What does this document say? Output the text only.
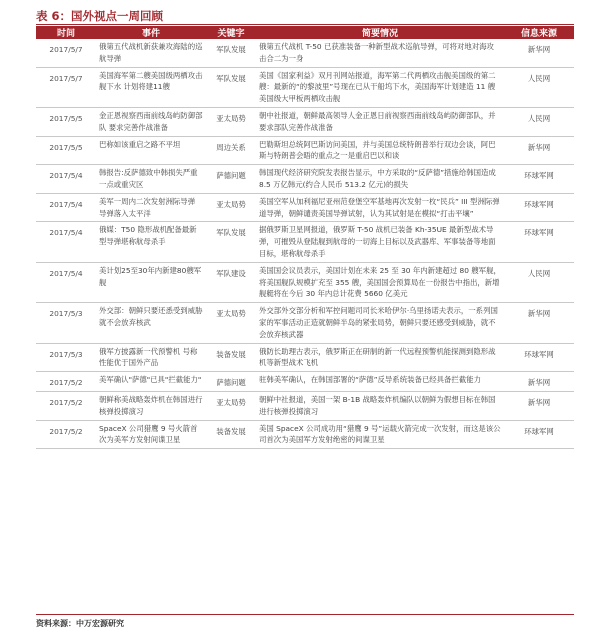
表 6：国外视点一周回顾
时间	事件	关键字	简要情况	信息来源
2017/5/7	俄第五代战机新获兼攻海陆的巡航导弹	军队发展	俄第五代战机 T-50 已获准装备一种新型战术巡航导弹，可将对地对海攻击合二为一身	新华网
2017/5/7	美国海军第二艘美国级两栖攻击舰下水 计划将建11艘	军队发展	美国《国家利益》双月刊网站报道，海军第二代两栖攻击舰美国级的第二艘：最新的“的黎波里”号现在已从干船坞下水，美国海军计划建造 11 艘美国级大甲板两栖攻击舰	人民网
2017/5/5	金正恩视察西南前线岛屿防御部队 要求完善作战准备	亚太局势	朝中社报道，朝鲜最高领导人金正恩日前视察西南前线岛屿防御部队，并要求部队完善作战准备	人民网
2017/5/5	巴称如该重启之路不平坦	周边关系	巴勒斯坦总统阿巴斯访问美国，并与美国总统特朗普举行双边会谈，阿巴斯与特朗普会晤的重点之一是重启巴以和谈	新华网
2017/5/4	韩报告:反萨德致中韩损失严重 一点或重灾区	萨德问题	韩国现代经济研究院发表报告显示，中方采取的“反萨德”措施给韩国造成 8.5 万亿韩元(约合人民币 513.2 亿元)的损失	环球军网
2017/5/4	美军一周内二次发射洲际导弹 导弹落入太平洋	亚太局势	美国空军从加利福尼亚州范登堡空军基地再次发射一枚“民兵” III 型洲际弹道导弹，朝鲜谴责美国导弹试射，认为其试射是在模拟“打击平壤”	环球军网
2017/5/4	俄媒：T50 隐形战机配备最新型导弹堪称航母杀手	军队发展	据俄罗斯卫星网报道，俄罗斯 T-50 战机已装备 Kh-35UE 最新型战术导弹，可摧毁从登陆舰到航母的一切海上目标以及武器库、军事装备等地面目标，堪称航母杀手	环球军网
2017/5/4	美计划25至30年内新建80艘军舰	军队建设	美国国会议员表示，美国计划在未来 25 至 30 年内新建超过 80 艘军舰，将美国舰队规模扩充至 355 艘，美国国会预算局在一份报告中指出，新增舰艇将在今后 30 年内总计花费 5660 亿美元	人民网
2017/5/3	外交部：朝鲜只要还悉受到威胁 就不会放弃核武	亚太局势	外交部外交部分析和军控问题司司长米哈伊尔·乌里扬诺夫表示，一系列国家的军事活动正造就朝鲜半岛的紧张局势，朝鲜只要还感受到威胁，就不会放弃核武器	新华网
2017/5/3	俄军方披露新一代预警机 号称性能优于国外产品	装备发展	俄防长助理古表示，俄罗斯正在研制的新一代远程预警机能探测到隐形战机等新型战术飞机	环球军网
2017/5/2	美军确认"萨德"已具"拦截能力"	萨德问题	驻韩美军确认，在韩国部署的“萨德”反导系统装备已经具备拦截能力	新华网
2017/5/2	朝鲜称美战略轰炸机在韩国进行核弹投掷演习	亚太局势	朝鲜中社报道，美国一架 B-1B 战略轰炸机编队以朝鲜为假想目标在韩国进行核弹投掷演习	新华网
2017/5/2	SpaceX 公司猎鹰 9 号火箭首次为美军方发射间谍卫星	装备发展	美国 SpaceX 公司成功用“猎鹰 9 号”运载火箭完成一次发射，而这是该公司首次为美国军方发射绝密的间谍卫星	环球军网
资料来源：中万宏源研究
